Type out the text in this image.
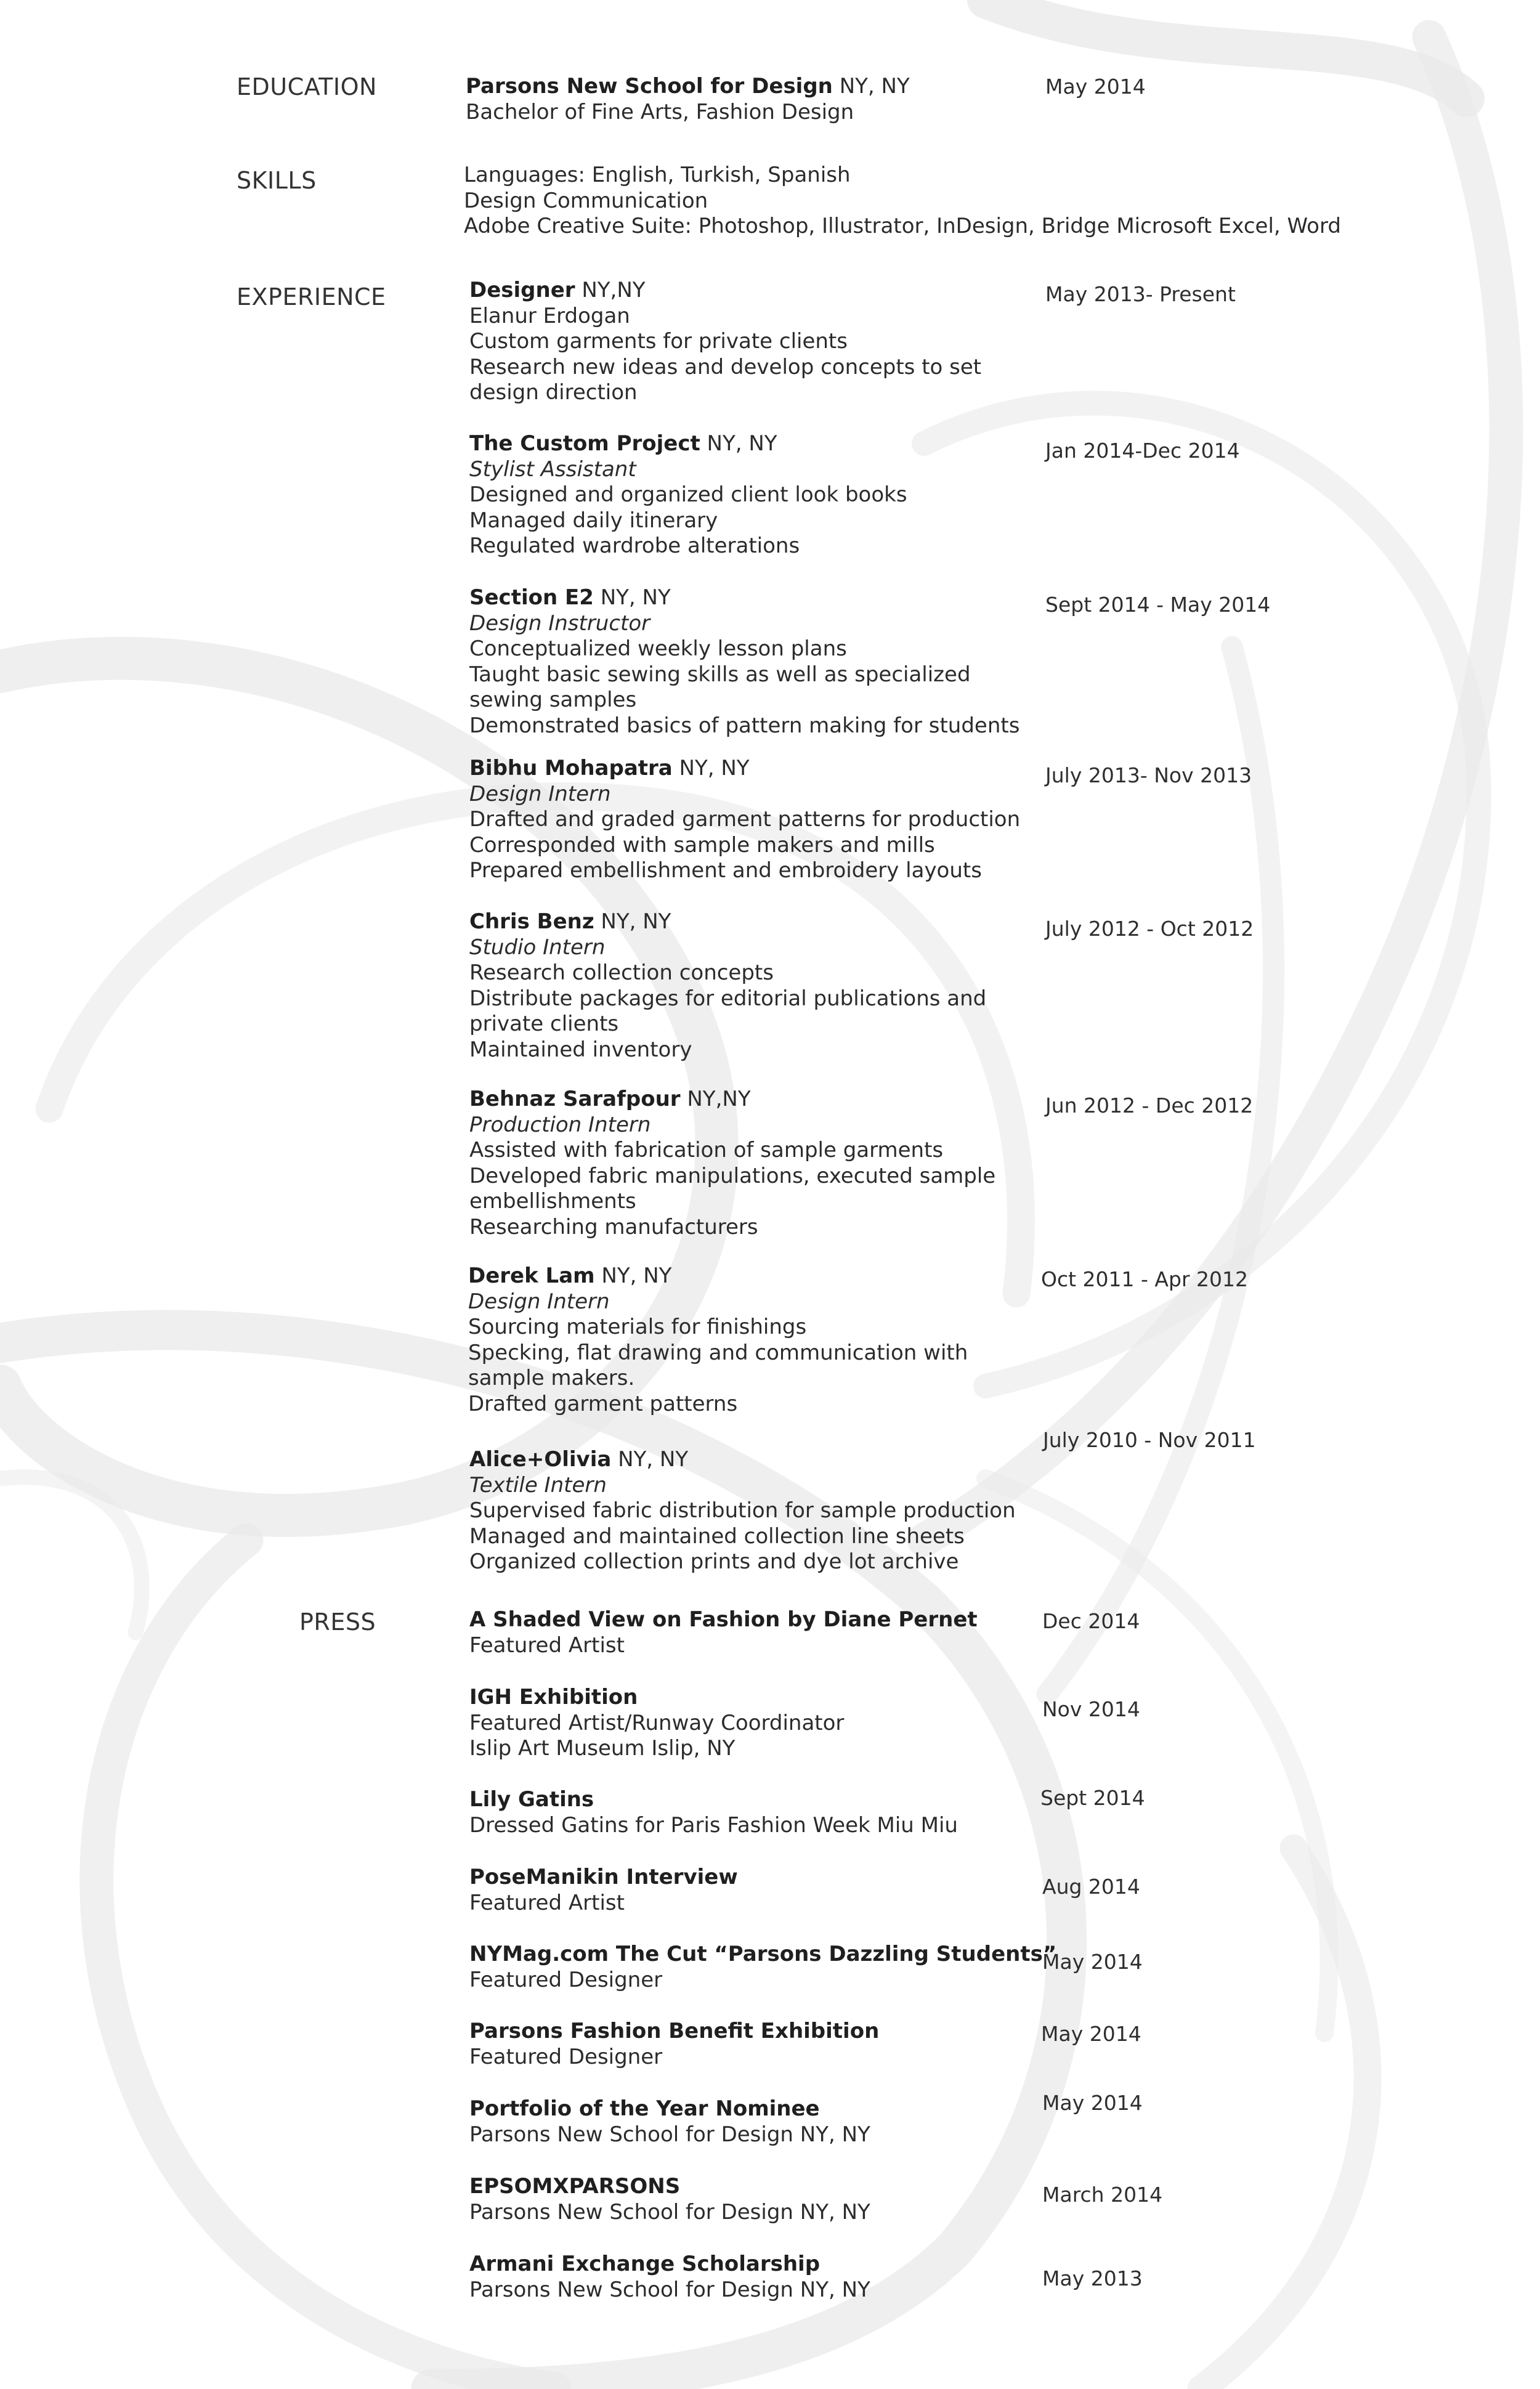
EDUCATION
SKILLS
EXPERIENCE
PRESS
Parsons New School for Design NY, NY
Bachelor of Fine Arts, Fashion Design
May 2014
Languages: English, Turkish, Spanish
Design Communication
Adobe Creative Suite: Photoshop, Illustrator, InDesign, Bridge Microsoft Excel, Word
Designer NY,NY
Elanur Erdogan
Custom garments for private clients
Research new ideas and develop concepts to set
design direction
May 2013- Present
The Custom Project NY, NY
Stylist Assistant
Designed and organized client look books
Managed daily itinerary
Regulated wardrobe alterations
Jan 2014-Dec 2014
Section E2 NY, NY
Design Instructor
Conceptualized weekly lesson plans
Taught basic sewing skills as well as specialized
sewing samples
Demonstrated basics of pattern making for students
Sept 2014 - May 2014
Bibhu Mohapatra NY, NY
Design Intern
Drafted and graded garment patterns for production
Corresponded with sample makers and mills
Prepared embellishment and embroidery layouts
July 2013- Nov 2013
Chris Benz NY, NY
Studio Intern
Research collection concepts
Distribute packages for editorial publications and
private clients
Maintained inventory
July 2012 - Oct 2012
Behnaz Sarafpour NY,NY
Production Intern
Assisted with fabrication of sample garments
Developed fabric manipulations, executed sample
embellishments
Researching manufacturers
Jun 2012 - Dec 2012
Derek Lam NY, NY
Design Intern
Sourcing materials for finishings
Specking, flat drawing and communication with
sample makers.
Drafted garment patterns
Oct 2011 - Apr 2012
Alice+Olivia NY, NY
Textile Intern
Supervised fabric distribution for sample production
Managed and maintained collection line sheets
Organized collection prints and dye lot archive
July 2010 - Nov 2011
A Shaded View on Fashion by Diane Pernet
Featured Artist
Dec 2014
IGH Exhibition
Featured Artist/Runway Coordinator
Islip Art Museum Islip, NY
Nov 2014
Lily Gatins
Dressed Gatins for Paris Fashion Week Miu Miu
Sept 2014
PoseManikin Interview
Featured Artist
Aug 2014
NYMag.com The Cut “Parsons Dazzling Students”
Featured Designer
May 2014
Parsons Fashion Benefit Exhibition
Featured Designer
May 2014
Portfolio of the Year Nominee
Parsons New School for Design NY, NY
May 2014
EPSOMXPARSONS
Parsons New School for Design NY, NY
March 2014
Armani Exchange Scholarship
Parsons New School for Design NY, NY	May 2013
